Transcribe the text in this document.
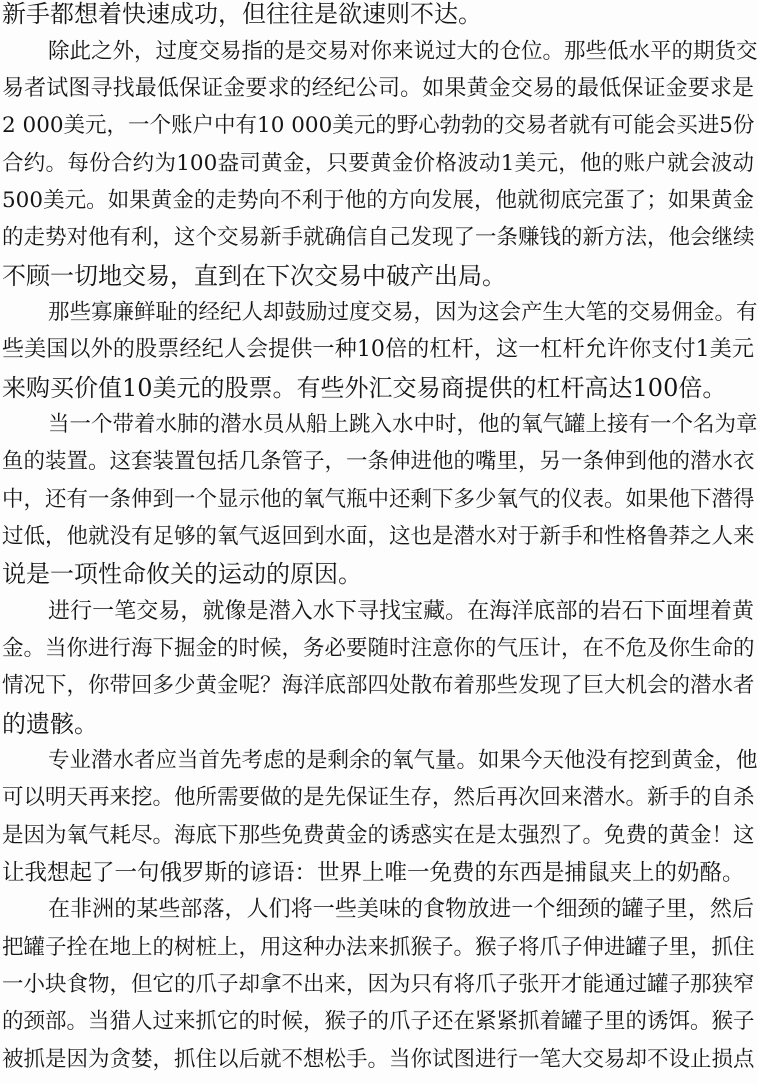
新手都想着快速成功，但往往是欲速则不达。
除此之外，过度交易指的是交易对你来说过大的仓位。那些低水平的期货交
易者试图寻找最低保证金要求的经纪公司。如果黄金交易的最低保证金要求是
2 000美元，一个账户中有10 000美元的野心勃勃的交易者就有可能会买进5份
合约。每份合约为100盎司黄金，只要黄金价格波动1美元，他的账户就会波动
500美元。如果黄金的走势向不利于他的方向发展，他就彻底完蛋了；如果黄金
的走势对他有利，这个交易新手就确信自己发现了一条赚钱的新方法，他会继续
不顾一切地交易，直到在下次交易中破产出局。
那些寡廉鲜耻的经纪人却鼓励过度交易，因为这会产生大笔的交易佣金。有
些美国以外的股票经纪人会提供一种10倍的杠杆，这一杠杆允许你支付1美元
来购买价值10美元的股票。有些外汇交易商提供的杠杆高达100倍。
当一个带着水肺的潜水员从船上跳入水中时，他的氧气罐上接有一个名为章
鱼的装置。这套装置包括几条管子，一条伸进他的嘴里，另一条伸到他的潜水衣
中，还有一条伸到一个显示他的氧气瓶中还剩下多少氧气的仪表。如果他下潜得
过低，他就没有足够的氧气返回到水面，这也是潜水对于新手和性格鲁莽之人来
说是一项性命攸关的运动的原因。
进行一笔交易，就像是潜入水下寻找宝藏。在海洋底部的岩石下面埋着黄
金。当你进行海下掘金的时候，务必要随时注意你的气压计，在不危及你生命的
情况下，你带回多少黄金呢？海洋底部四处散布着那些发现了巨大机会的潜水者
的遗骸。
专业潜水者应当首先考虑的是剩余的氧气量。如果今天他没有挖到黄金，他
可以明天再来挖。他所需要做的是先保证生存，然后再次回来潜水。新手的自杀
是因为氧气耗尽。海底下那些免费黄金的诱惑实在是太强烈了。免费的黄金！这
让我想起了一句俄罗斯的谚语：世界上唯一免费的东西是捕鼠夹上的奶酪。
在非洲的某些部落，人们将一些美味的食物放进一个细颈的罐子里，然后
把罐子拴在地上的树桩上，用这种办法来抓猴子。猴子将爪子伸进罐子里，抓住
一小块食物，但它的爪子却拿不出来，因为只有将爪子张开才能通过罐子那狭窄
的颈部。当猎人过来抓它的时候，猴子的爪子还在紧紧抓着罐子里的诱饵。猴子
被抓是因为贪婪，抓住以后就不想松手。当你试图进行一笔大交易却不设止损点
